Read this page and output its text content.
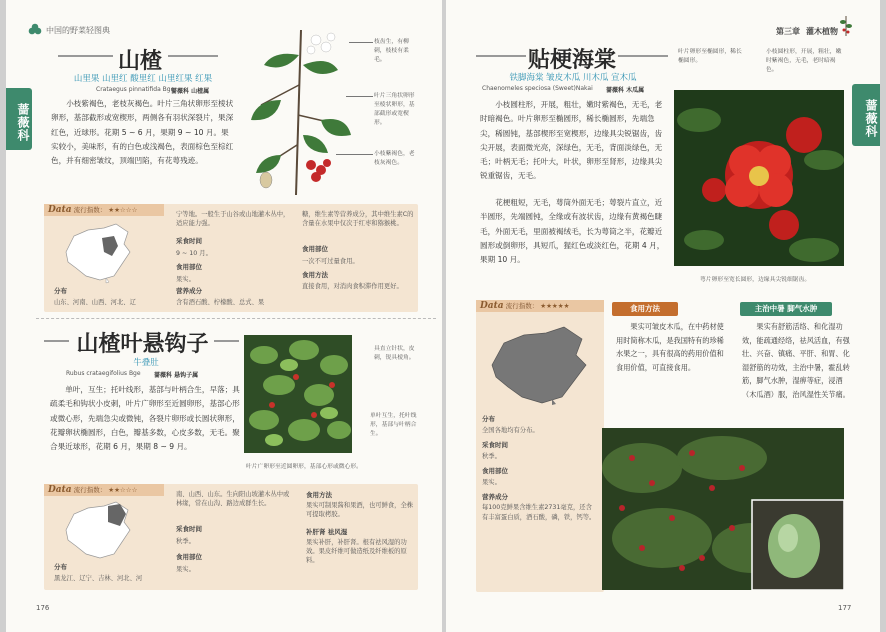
中国的野菜轻图典
蔷薇科
山楂
山里果 山里红 酸里红 山里红果 红果
Crataegus pinnatifida Bge
蔷薇科 山楂属
小枝紫褐色，老枝灰褐色。叶片三角状卵形至棱状卵形，基部截形或宽楔形，两侧各有羽状深裂片，果深红色，近球形。花期 5 ~ 6 月，果期 9 ~ 10 月。果实较小，美味形，有的白色或浅褐色，表面棕色至棕红色，并有细密皱纹，顶端凹陷，有花萼残迹。
枝齿生，有柳刺，枝枝有柔毛。
叶片三角状卵形至棱状卵形，基部截形或宽楔形。
小枝紫褐色，老枝灰褐色。
Data 流行指数： ★★☆☆☆
分布
山东、河南、山西、河北、辽
宁等地。一般生于山谷或山地灌木丛中，适应能力强。
采食时间
9 ~ 10 月。
食用部位
果实。
营养成分
含有酒石酸、柠檬酸、总式、果
糖，维生素等营养成分，其中维生素C的含量在水果中仅次于红枣和猕猴桃。
食用部位
一次不可过量食用。
食用方法
直接食用，对消肉食积滞作用更好。
山楂叶悬钩子
牛叠肚
Rubus crataegifolius Bge 蔷薇科 悬钩子属
单叶，互生；托叶线形，基部与叶柄合生，早落；具疏柔毛和钩状小皮刺，叶片广卵形至近圆卵形，基部心形或微心形，先端急尖或微钝，各裂片卵形或长圆状卵形，花瓣卵状椭圆形，白色，瓣基多数，心皮多数，无毛。聚合果近球形，花期 6 月，果期 8 ~ 9 月。
具直立针状，皮刺，锐具棱角。
单叶互生，托叶线形，基部与叶柄合生。
叶片广卵形至近圆卵形，基部心形或微心形。
Data 流行指数： ★★☆☆☆
分布
黑龙江、辽宁、吉林、河北、河
南、山西、山东。生向阳山坡灌木丛中或林缘，常在山沟、路边成群生长。
采食时间
秋季。
食用部位
果实。
食用方法
果实可制果酱和果酒，也可鲜食，全株可提取栲胶。
补肝肾 祛风湿
果实补肝，补肝肾。根有祛风湿的功效。果皮纤维可做造纸及纤维板的原料。
176
第三章 灌木植物
蔷薇科
贴梗海棠
铁脚海棠 皱皮木瓜 川木瓜 宣木瓜
Chaenomeles speciosa (Sweet)Nakai 蔷薇科 木瓜属
小枝圆柱形，开展，粗壮，嫩时紫褐色，无毛，老时暗褐色。叶片卵形至椭圆形，稀长椭圆形，先端急尖，稀圆钝，基部楔形至宽楔形，边缘具尖锐锯齿，齿尖开展，表面微光亮，深绿色，无毛，背面淡绿色，无毛；叶柄无毛；托叶大，叶状，卵形至肾形，边缘具尖锐重锯齿，无毛。
花梗粗短，无毛，萼筒外面无毛；萼裂片直立，近半圆形，先端圆钝，全缘或有波状齿，边缘有黄褐色睫毛，外面无毛，里面被褐绒毛，长为萼筒之半，花瓣近圆形或倒卵形，具短爪，猩红色或淡红色，花期 4 月，果期 10 月。
叶片卵形至椭圆形，稀长椭圆形。
小枝圆柱形，开展，粗壮，嫩时紫褐色，无毛，老时暗褐色。
萼片卵形至宽长圆形，边缘具尖锐细锯齿。
Data 流行指数： ★★★★★
分布
全国各地均有分布。
采食时间
秋季。
食用部位
果实。
营养成分
每100克鲜果含维生素2731毫克，还含有丰富蛋白质，酒石酸，磷，铁，钙等。
食用方法
果实可皱皮木瓜，在中药材使用时简称木瓜，是我国特有的珍稀水果之一，具有很高的药用价值和食用价值，可直接食用。
主治中暑 脚气水肿
果实有舒筋活络、和化湿功效，能疏通经络，祛风活血，有强壮、兴奋、镇痛、平肝、和胃、化湿舒筋的功效，主治中暑，霍乱转筋，脚气水肿，湿痹等症，浸酒（木瓜酒）服，治风湿性关节痛。
177
